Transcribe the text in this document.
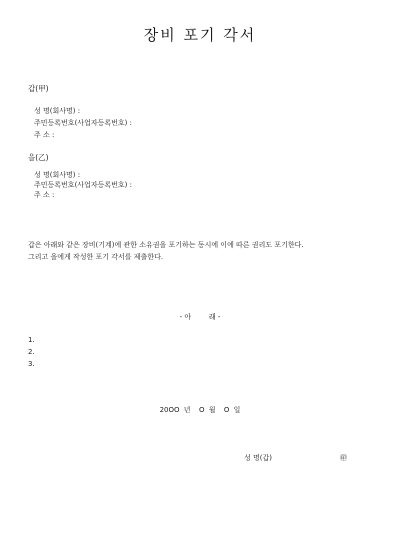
장비 포기 각서
갑(甲)
성 명(회사명) :
주민등록번호(사업자등록번호) :
주 소 :
을(乙)
성 명(회사명) :
주민등록번호(사업자등록번호) :
주 소 :
갑은 아래와 같은 장비(기계)에 관한 소유권을 포기하는 동시에 이에 따른 권리도 포기한다.
그리고 을에게 작성한 포기 각서를 제출한다.
- 아        래 -
1.
2.
3.
20OO 년  O 월  O 일
성 명(갑)	㊞
